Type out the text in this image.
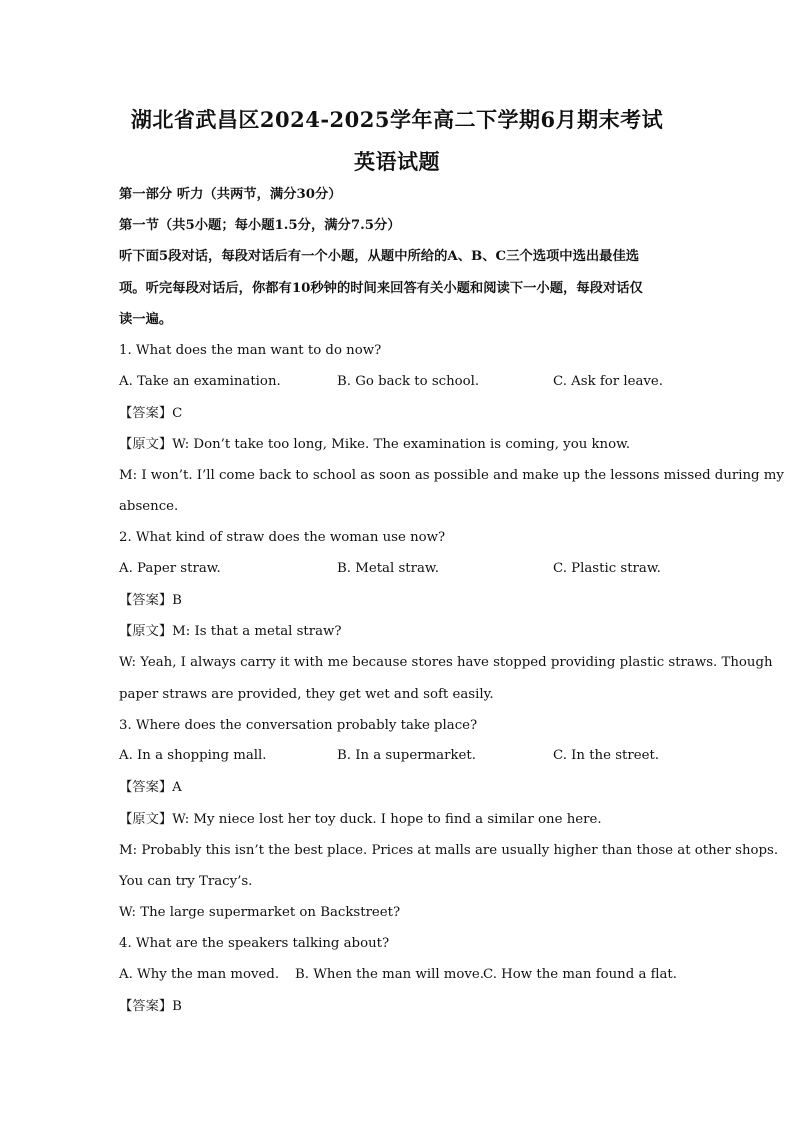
湖北省武昌区2024-2025学年高二下学期6月期末考试
英语试题
第一部分 听力（共两节，满分30分）
第一节（共5小题；每小题1.5分，满分7.5分）
听下面5段对话，每段对话后有一个小题，从题中所给的A、B、C三个选项中选出最佳选
项。听完每段对话后，你都有10秒钟的时间来回答有关小题和阅读下一小题，每段对话仅
读一遍。
1. What does the man want to do now?
A. Take an examination.	B. Go back to school.	C. Ask for leave.
【答案】C
【原文】W: Don’t take too long, Mike. The examination is coming, you know.
M: I won’t. I’ll come back to school as soon as possible and make up the lessons missed during my
absence.
2. What kind of straw does the woman use now?
A. Paper straw.	B. Metal straw.	C. Plastic straw.
【答案】B
【原文】M: Is that a metal straw?
W: Yeah, I always carry it with me because stores have stopped providing plastic straws. Though
paper straws are provided, they get wet and soft easily.
3. Where does the conversation probably take place?
A. In a shopping mall.	B. In a supermarket.	C. In the street.
【答案】A
【原文】W: My niece lost her toy duck. I hope to find a similar one here.
M: Probably this isn’t the best place. Prices at malls are usually higher than those at other shops.
You can try Tracy’s.
W: The large supermarket on Backstreet?
4. What are the speakers talking about?
A. Why the man moved. B. When the man will move.
C. How the man found a flat.
【答案】B
